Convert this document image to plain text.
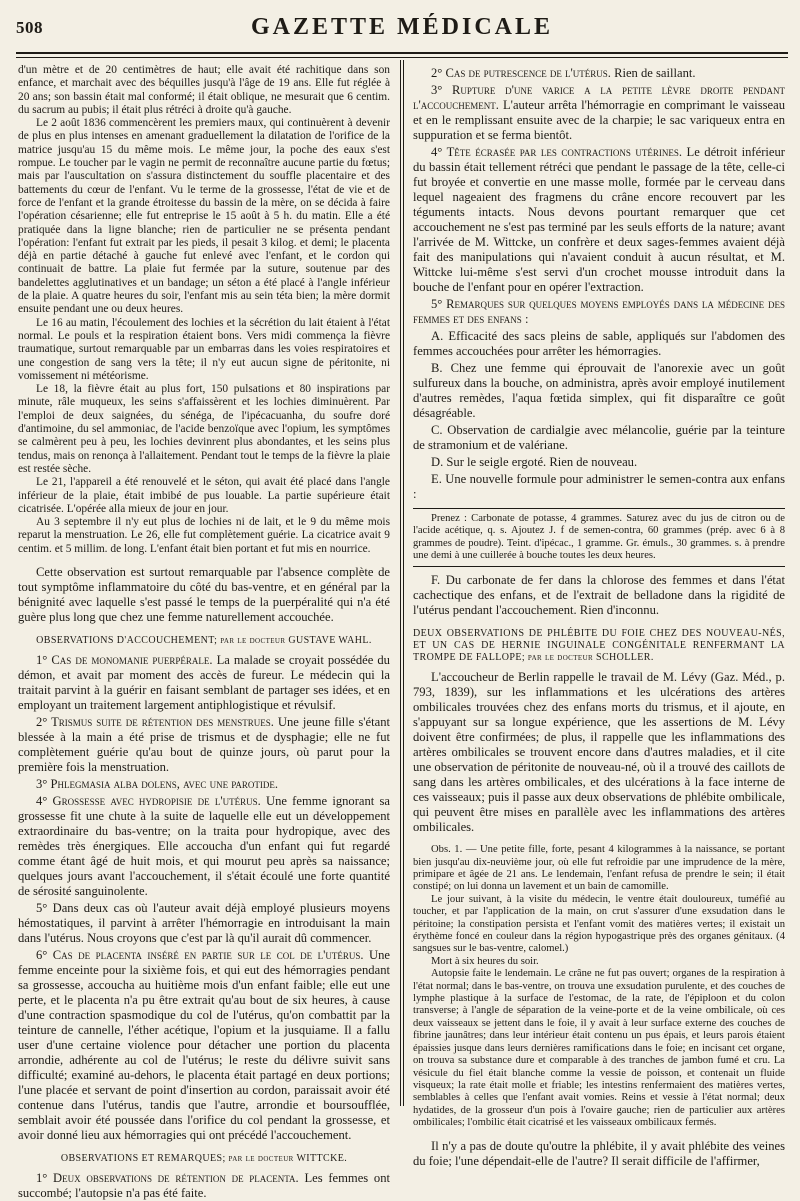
508	GAZETTE MÉDICALE

d'un mètre et de 20 centimètres de haut; elle avait été rachitique dans son enfance, et marchait avec des béquilles jusqu'à l'âge de 19 ans. Elle fut réglée à 20 ans; son bassin était mal conformé; il était oblique, ne mesurait que 6 centim. du sacrum au pubis; il était plus rétréci à droite qu'à gauche.

Le 2 août 1836 commencèrent les premiers maux, qui continuèrent à devenir de plus en plus intenses en amenant graduellement la dilatation de l'orifice de la matrice jusqu'au 15 du même mois. Le même jour, la poche des eaux s'est rompue. Le toucher par le vagin ne permit de reconnaître aucune partie du fœtus; mais par l'auscultation on s'assura distinctement du souffle placentaire et des battements du cœur de l'enfant. Vu le terme de la grossesse, l'état de vie et de force de l'enfant et la grande étroitesse du bassin de la mère, on se décida à faire l'opération césarienne; elle fut entreprise le 15 août à 5 h. du matin. Elle a été pratiquée dans la ligne blanche; rien de particulier ne se présenta pendant l'opération: l'enfant fut extrait par les pieds, il pesait 3 kilog. et demi; le placenta déjà en partie détaché à gauche fut enlevé avec l'enfant, et le cordon qui continuait de battre. La plaie fut fermée par la suture, soutenue par des bandelettes agglutinatives et un bandage; un séton a été placé à l'angle inférieur de la plaie. A quatre heures du soir, l'enfant mis au sein téta bien; la mère dormit ensuite pendant une ou deux heures.

Le 16 au matin, l'écoulement des lochies et la sécrétion du lait étaient à l'état normal. Le pouls et la respiration étaient bons. Vers midi commença la fièvre traumatique, surtout remarquable par un embarras dans les voies respiratoires et une congestion de sang vers la tête; il n'y eut aucun signe de péritonite, ni vomissement ni météorisme.

Le 18, la fièvre était au plus fort, 150 pulsations et 80 inspirations par minute, râle muqueux, les seins s'affaissèrent et les lochies diminuèrent. Par l'emploi de deux saignées, du sénéga, de l'ipécacuanha, du soufre doré d'antimoine, du sel ammoniac, de l'acide benzoïque avec l'opium, les symptômes se calmèrent peu à peu, les lochies devinrent plus abondantes, et les seins plus tendus, mais on renonça à l'allaitement. Pendant tout le temps de la fièvre la plaie est restée sèche.

Le 21, l'appareil a été renouvelé et le séton, qui avait été placé dans l'angle inférieur de la plaie, était imbibé de pus louable. La partie supérieure était cicatrisée. L'opérée alla mieux de jour en jour.

Au 3 septembre il n'y eut plus de lochies ni de lait, et le 9 du même mois reparut la menstruation. Le 26, elle fut complètement guérie. La cicatrice avait 9 centim. et 5 millim. de long. L'enfant était bien portant et fut mis en nourrice.

Cette observation est surtout remarquable par l'absence complète de tout symptôme inflammatoire du côté du bas-ventre, et en général par la bénignité avec laquelle s'est passé le temps de la puerpéralité qui n'a été guère plus long que chez une femme naturellement accouchée.

OBSERVATIONS D'ACCOUCHEMENT; par le docteur GUSTAVE WAHL.

1° Cas de monomanie puerpérale. La malade se croyait possédée du démon, et avait par moment des accès de fureur. Le médecin qui la traitait parvint à la guérir en faisant semblant de partager ses idées, et en employant un traitement largement antiphlogistique et révulsif.

2° Trismus suite de rétention des menstrues. Une jeune fille s'étant blessée à la main a été prise de trismus et de dysphagie; elle ne fut complètement guérie qu'au bout de quinze jours, où parut pour la première fois la menstruation.

3° Phlegmasia alba dolens, avec une parotide.

4° Grossesse avec hydropisie de l'utérus. Une femme ignorant sa grossesse fit une chute à la suite de laquelle elle eut un développement extraordinaire du bas-ventre; on la traita pour hydropique, avec des remèdes très énergiques. Elle accoucha d'un enfant qui fut regardé comme étant âgé de huit mois, et qui mourut peu après sa naissance; quelques jours avant l'accouchement, il s'était écoulé une forte quantité de sérosité sanguinolente.

5° Dans deux cas où l'auteur avait déjà employé plusieurs moyens hémostatiques, il parvint à arrêter l'hémorragie en introduisant la main dans l'utérus. Nous croyons que c'est par là qu'il aurait dû commencer.

6° Cas de placenta inséré en partie sur le col de l'utérus. Une femme enceinte pour la sixième fois, et qui eut des hémorragies pendant sa grossesse, accoucha au huitième mois d'un enfant faible; elle eut une perte, et le placenta n'a pu être extrait qu'au bout de six heures, à cause d'une contraction spasmodique du col de l'utérus, qu'on combattit par la teinture de cannelle, l'éther acétique, l'opium et la jusquiame. Il a fallu user d'une certaine violence pour détacher une portion du placenta arrondie, adhérente au col de l'utérus; le reste du délivre suivit sans difficulté; examiné au-dehors, le placenta était partagé en deux portions; l'une placée et servant de point d'insertion au cordon, paraissait avoir été contenue dans l'utérus, tandis que l'autre, arrondie et boursoufflée, semblait avoir été poussée dans l'orifice du col pendant la grossesse, et avoir donné lieu aux hémorragies qui ont précédé l'accouchement.

OBSERVATIONS ET REMARQUES; par le docteur WITTCKE.

1° Deux observations de rétention de placenta. Les femmes ont succombé; l'autopsie n'a pas été faite.

2° Cas de putrescence de l'utérus. Rien de saillant.

3° Rupture d'une varice a la petite lèvre droite pendant l'accouchement. L'auteur arrêta l'hémorragie en comprimant le vaisseau et en le remplissant ensuite avec de la charpie; le sac variqueux entra en suppuration et se ferma bientôt.

4° Tête écrasée par les contractions utérines. Le détroit inférieur du bassin était tellement rétréci que pendant le passage de la tête, celle-ci fut broyée et convertie en une masse molle, formée par le cerveau dans lequel nageaient des fragmens du crâne encore recouvert par les téguments intacts. Nous devons pourtant remarquer que cet accouchement ne s'est pas terminé par les seuls efforts de la nature; avant l'arrivée de M. Wittcke, un confrère et deux sages-femmes avaient déjà fait des manipulations qui n'avaient conduit à aucun résultat, et M. Wittcke lui-même s'est servi d'un crochet mousse introduit dans la bouche de l'enfant pour en opérer l'extraction.

5° Remarques sur quelques moyens employés dans la médecine des femmes et des enfans :

A. Efficacité des sacs pleins de sable, appliqués sur l'abdomen des femmes accouchées pour arrêter les hémorragies.

B. Chez une femme qui éprouvait de l'anorexie avec un goût sulfureux dans la bouche, on administra, après avoir employé inutilement d'autres remèdes, l'aqua fœtida simplex, qui fit disparaître ce goût désagréable.

C. Observation de cardialgie avec mélancolie, guérie par la teinture de stramonium et de valériane.

D. Sur le seigle ergoté. Rien de nouveau.

E. Une nouvelle formule pour administrer le semen-contra aux enfans :

Prenez : Carbonate de potasse, 4 grammes. Saturez avec du jus de citron ou de l'acide acétique, q. s. Ajoutez J. f de semen-contra, 60 grammes (prép. avec 6 à 8 grammes de poudre). Teint. d'ipécac., 1 gramme. Gr. émuls., 30 grammes. s. à prendre une demi à une cuillerée à bouche toutes les deux heures.

F. Du carbonate de fer dans la chlorose des femmes et dans l'état cachectique des enfans, et de l'extrait de belladone dans la rigidité de l'utérus pendant l'accouchement. Rien d'inconnu.

DEUX OBSERVATIONS DE PHLÉBITE DU FOIE CHEZ DES NOUVEAU-NÉS, ET UN CAS DE HERNIE INGUINALE CONGÉNITALE RENFERMANT LA TROMPE DE FALLOPE; par le docteur SCHOLLER.

L'accoucheur de Berlin rappelle le travail de M. Lévy (Gaz. Méd., p. 793, 1839), sur les inflammations et les ulcérations des artères ombilicales trouvées chez des enfans morts du trismus, et il ajoute, en s'appuyant sur sa longue expérience, que les assertions de M. Lévy doivent être confirmées; de plus, il rappelle que les inflammations des artères ombilicales se trouvent encore dans d'autres maladies, et il cite une observation de péritonite de nouveau-né, où il a trouvé des caillots de sang dans les artères ombilicales, et des ulcérations à la face interne de ces vaisseaux; puis il passe aux deux observations de phlébite ombilicale, qui peuvent être mises en parallèle avec les inflammations des artères ombilicales.

Obs. 1. — Une petite fille, forte, pesant 4 kilogrammes à la naissance, se portant bien jusqu'au dix-neuvième jour, où elle fut refroidie par une imprudence de la mère, primipare et âgée de 21 ans. Le lendemain, l'enfant refusa de prendre le sein; il était constipé; on lui donna un lavement et un bain de camomille.

Le jour suivant, à la visite du médecin, le ventre était douloureux, tuméfié au toucher, et par l'application de la main, on crut s'assurer d'une exsudation dans le péritoine; la constipation persista et l'enfant vomit des matières vertes; il existait un érythème foncé en couleur dans la région hypogastrique près des organes génitaux. (4 sangsues sur le bas-ventre, calomel.)

Mort à six heures du soir.

Autopsie faite le lendemain. Le crâne ne fut pas ouvert; organes de la respiration à l'état normal; dans le bas-ventre, on trouva une exsudation purulente, et des couches de lymphe plastique à la surface de l'estomac, de la rate, de l'épiploon et du colon transverse; à l'angle de séparation de la veine-porte et de la veine ombilicale, où ces deux vaisseaux se jettent dans le foie, il y avait à leur surface externe des couches de fibrine jaunâtres; dans leur intérieur était contenu un pus épais, et leurs parois étaient épaissies jusque dans leurs dernières ramifications dans le foie; en incisant cet organe, on trouva sa substance dure et comparable à des tranches de jambon fumé et cru. La vésicule du fiel était blanche comme la vessie de poisson, et contenait un fluide visqueux; la rate était molle et friable; les intestins renfermaient des matières vertes, semblables à celles que l'enfant avait vomies. Reins et vessie à l'état normal; deux hydatides, de la grosseur d'un pois à l'ovaire gauche; rien de particulier aux artères ombilicales; l'ombilic était cicatrisé et les vaisseaux ombilicaux fermés.

Il n'y a pas de doute qu'outre la phlébite, il y avait phlébite des veines du foie; l'une dépendait-elle de l'autre? Il serait difficile de l'affirmer,
